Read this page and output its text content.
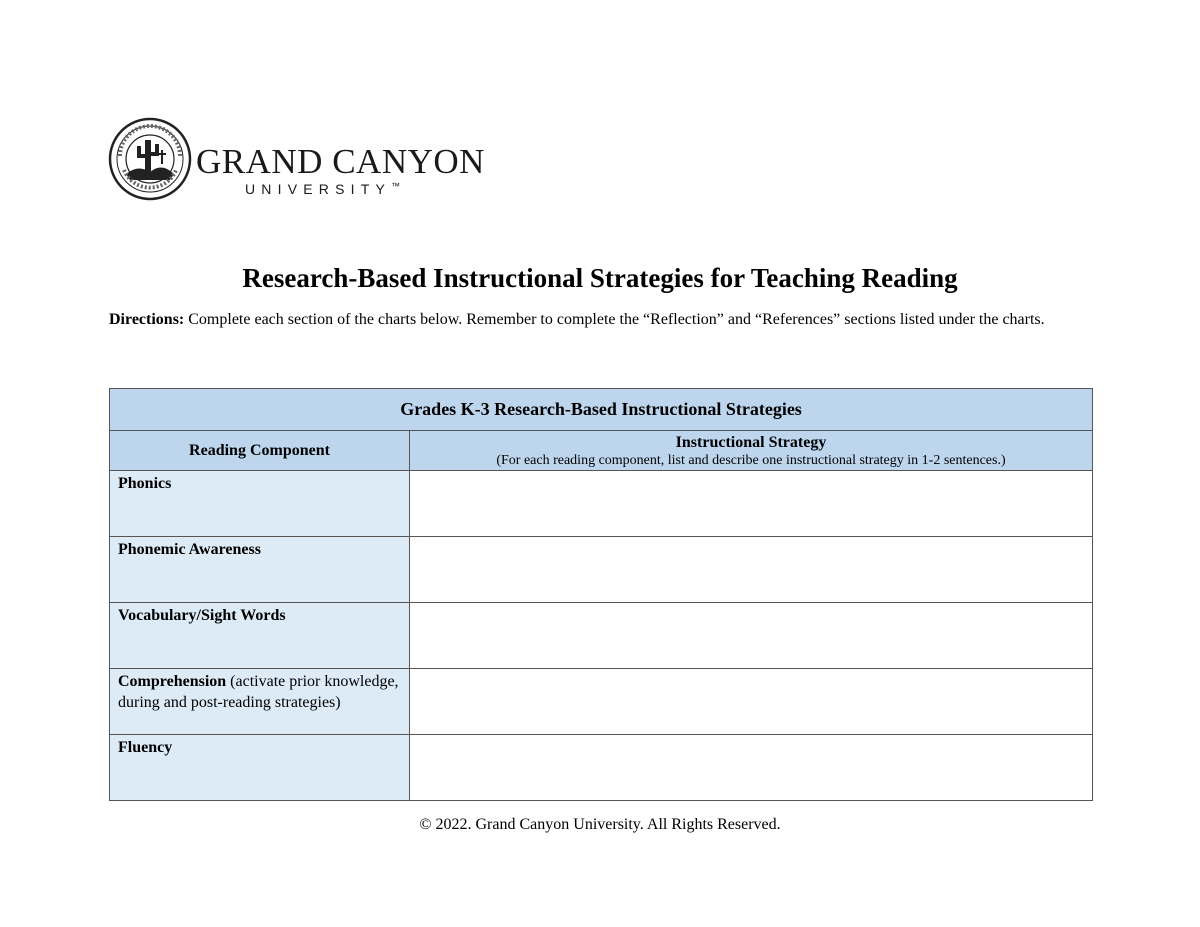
GRAND CANYON
UNIVERSITY™
Research-Based Instructional Strategies for Teaching Reading
Directions: Complete each section of the charts below. Remember to complete the “Reflection” and “References” sections listed under the charts.
Grades K-3 Research-Based Instructional Strategies	
Reading Component	Instructional Strategy
(For each reading component, list and describe one instructional strategy in 1-2 sentences.)

Phonics	
Phonemic Awareness	
Vocabulary/Sight Words	
Comprehension (activate prior knowledge, during and post-reading strategies)	
Fluency	
© 2022. Grand Canyon University. All Rights Reserved.
